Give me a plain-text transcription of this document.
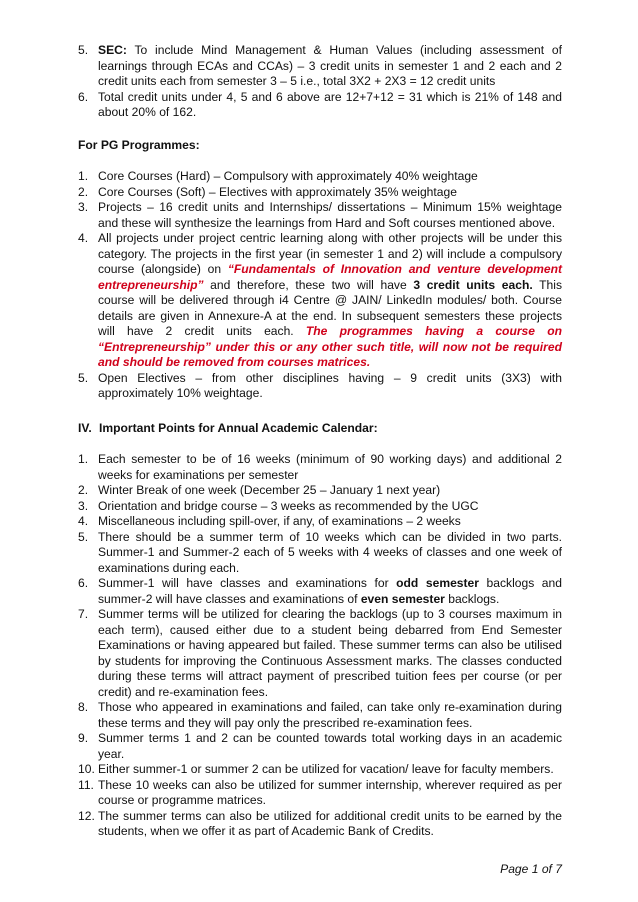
5. SEC: To include Mind Management & Human Values (including assessment of learnings through ECAs and CCAs) – 3 credit units in semester 1 and 2 each and 2 credit units each from semester 3 – 5 i.e., total 3X2 + 2X3 = 12 credit units
6. Total credit units under 4, 5 and 6 above are 12+7+12 = 31 which is 21% of 148 and about 20% of 162.
For PG Programmes:
1. Core Courses (Hard) – Compulsory with approximately 40% weightage
2. Core Courses (Soft) – Electives with approximately 35% weightage
3. Projects – 16 credit units and Internships/ dissertations – Minimum 15% weightage and these will synthesize the learnings from Hard and Soft courses mentioned above.
4. All projects under project centric learning along with other projects will be under this category. The projects in the first year (in semester 1 and 2) will include a compulsory course (alongside) on “Fundamentals of Innovation and venture development entrepreneurship” and therefore, these two will have 3 credit units each. This course will be delivered through i4 Centre @ JAIN/ LinkedIn modules/ both. Course details are given in Annexure-A at the end. In subsequent semesters these projects will have 2 credit units each. The programmes having a course on “Entrepreneurship” under this or any other such title, will now not be required and should be removed from courses matrices.
5. Open Electives – from other disciplines having – 9 credit units (3X3) with approximately 10% weightage.
IV. Important Points for Annual Academic Calendar:
1. Each semester to be of 16 weeks (minimum of 90 working days) and additional 2 weeks for examinations per semester
2. Winter Break of one week (December 25 – January 1 next year)
3. Orientation and bridge course – 3 weeks as recommended by the UGC
4. Miscellaneous including spill-over, if any, of examinations – 2 weeks
5. There should be a summer term of 10 weeks which can be divided in two parts. Summer-1 and Summer-2 each of 5 weeks with 4 weeks of classes and one week of examinations during each.
6. Summer-1 will have classes and examinations for odd semester backlogs and summer-2 will have classes and examinations of even semester backlogs.
7. Summer terms will be utilized for clearing the backlogs (up to 3 courses maximum in each term), caused either due to a student being debarred from End Semester Examinations or having appeared but failed. These summer terms can also be utilised by students for improving the Continuous Assessment marks. The classes conducted during these terms will attract payment of prescribed tuition fees per course (or per credit) and re-examination fees.
8. Those who appeared in examinations and failed, can take only re-examination during these terms and they will pay only the prescribed re-examination fees.
9. Summer terms 1 and 2 can be counted towards total working days in an academic year.
10. Either summer-1 or summer 2 can be utilized for vacation/ leave for faculty members.
11. These 10 weeks can also be utilized for summer internship, wherever required as per course or programme matrices.
12. The summer terms can also be utilized for additional credit units to be earned by the students, when we offer it as part of Academic Bank of Credits.
Page 1 of 7
